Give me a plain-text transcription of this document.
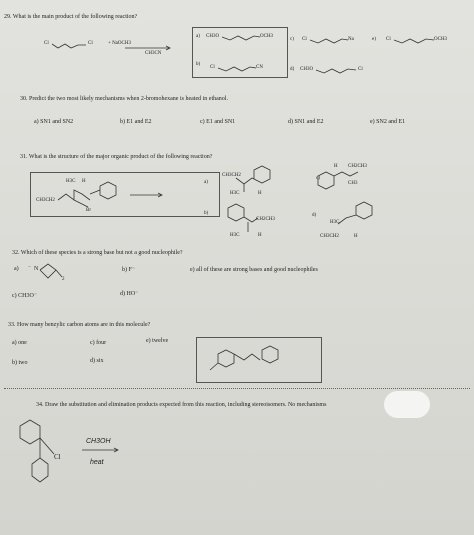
29. What is the main product of the following reaction?
Cl	Cl	+ NaOCH3
CH3CN
a) CH3O	OCH3
b)
Cl	CN
c) Cl	Na
d) CH3O	Cl
e) Cl	OCH3
30. Predict the two most likely mechanisms when 2-bromohexane is heated in ethanol.
a) SN1 and SN2	b) E1 and E2	c) E1 and SN1	d) SN1 and E2	e) SN2 and E1
31. What is the structure of the major organic product of the following reaction?
H3C H
CH3CH2
Br
a)
CH3CH2
H3C	H
b)
CH2CH3
H3C	H
c)
H CH2CH3
CH3
d)
H3C
CH3CH2	H
32. Which of these species is a strong base but not a good nucleophile?
a) − N
2
b) F⁻	e) all of these are strong bases and good nucleophiles
c) CH3O⁻	d) HO⁻
33. How many benzylic carbon atoms are in this molecule?
a) one	c) four	e) twelve
b) two	d) six
34. Draw the substitution and elimination products expected from this reaction, including stereoisomers. No mechanisms
Cl
CH3OH
heat
